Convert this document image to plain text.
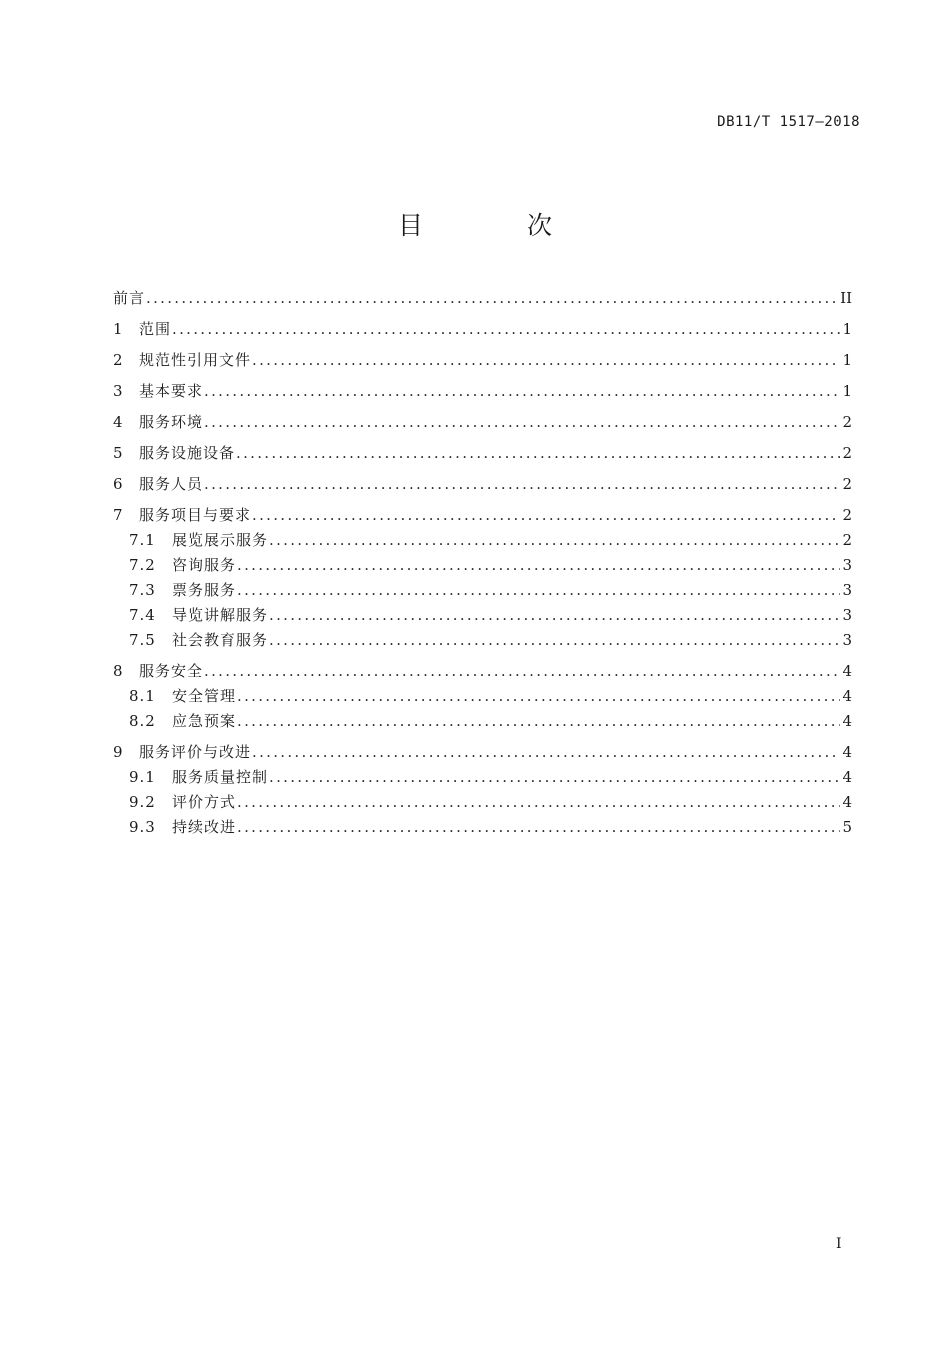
DB11/T 1517—2018
目 次
前言 .....	II
1	范围 .....	1
2	规范性引用文件 .....	1
3	基本要求 .....	1
4	服务环境 .....	2
5	服务设施设备 .....	2
6	服务人员 .....	2
7	服务项目与要求 .....	2
7.1	展览展示服务 .....	2
7.2	咨询服务 .....	3
7.3	票务服务 .....	3
7.4	导览讲解服务 .....	3
7.5	社会教育服务 .....	3
8	服务安全 .....	4
8.1	安全管理 .....	4
8.2	应急预案 .....	4
9	服务评价与改进 .....	4
9.1	服务质量控制 .....	4
9.2	评价方式 .....	4
9.3	持续改进 .....	5
I
